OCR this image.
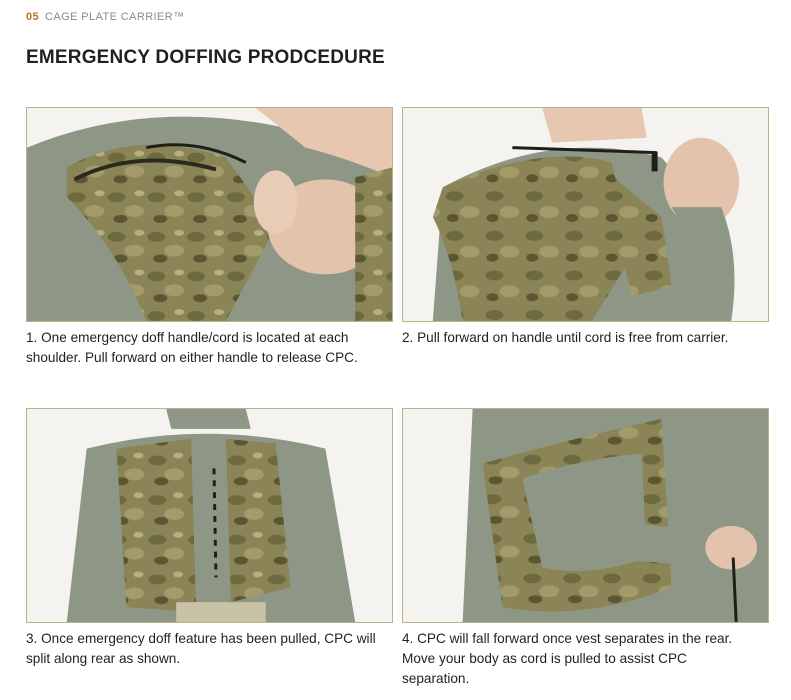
05 CAGE PLATE CARRIER™
EMERGENCY DOFFING PRODCEDURE
1. One emergency doff handle/cord is located at each shoulder. Pull forward on either handle to release CPC.
2. Pull forward on handle until cord is free from carrier.
3. Once emergency doff feature has been pulled, CPC will split along rear as shown.
4. CPC will fall forward once vest separates in the rear. Move your body as cord is pulled to assist CPC separation.
